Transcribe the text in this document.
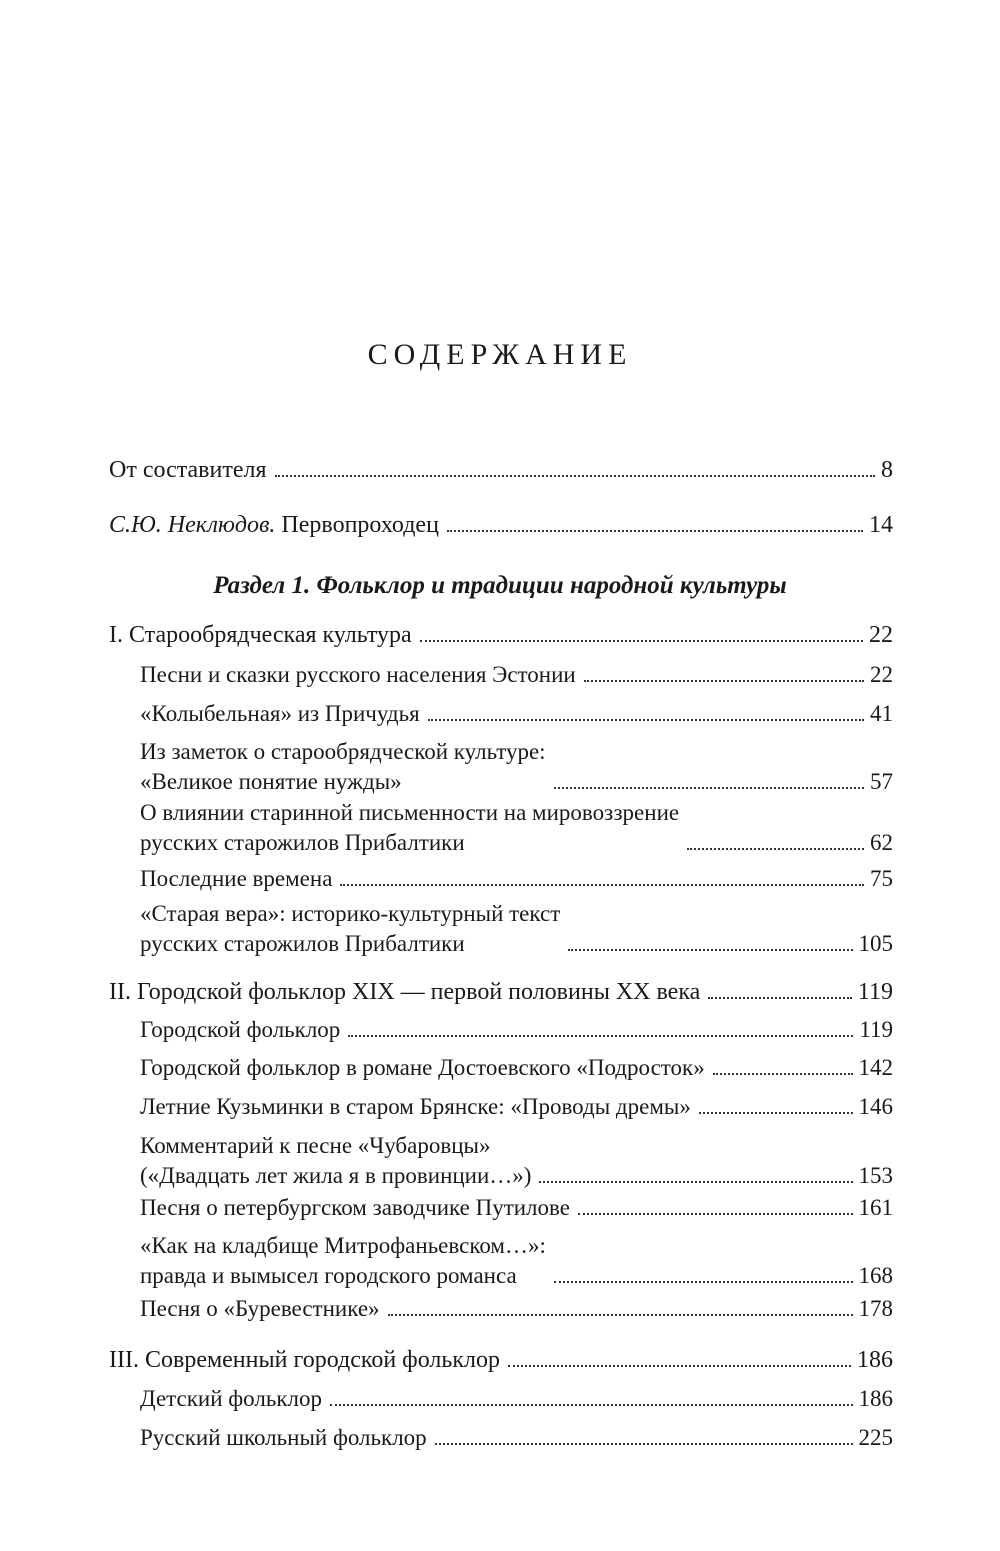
СОДЕРЖАНИЕ
От составителя	8
С.Ю. Неклюдов. Первопроходец	14
Раздел 1. Фольклор и традиции народной культуры
I. Старообрядческая культура	22
Песни и сказки русского населения Эстонии	22
«Колыбельная» из Причудья	41
Из заметок о старообрядческой культуре:
«Великое понятие нужды»	57
О влиянии старинной письменности на мировоззрение
русских старожилов Прибалтики	62
Последние времена	75
«Старая вера»: историко-культурный текст
русских старожилов Прибалтики	105
II. Городской фольклор XIX — первой половины XX века	119
Городской фольклор	119
Городской фольклор в романе Достоевского «Подросток»	142
Летние Кузьминки в старом Брянске: «Проводы дремы»	146
Комментарий к песне «Чубаровцы»
(«Двадцать лет жила я в провинции…»)	153
Песня о петербургском заводчике Путилове	161
«Как на кладбище Митрофаньевском…»:
правда и вымысел городского романса	168
Песня о «Буревестнике»	178
III. Современный городской фольклор	186
Детский фольклор	186
Русский школьный фольклор	225
